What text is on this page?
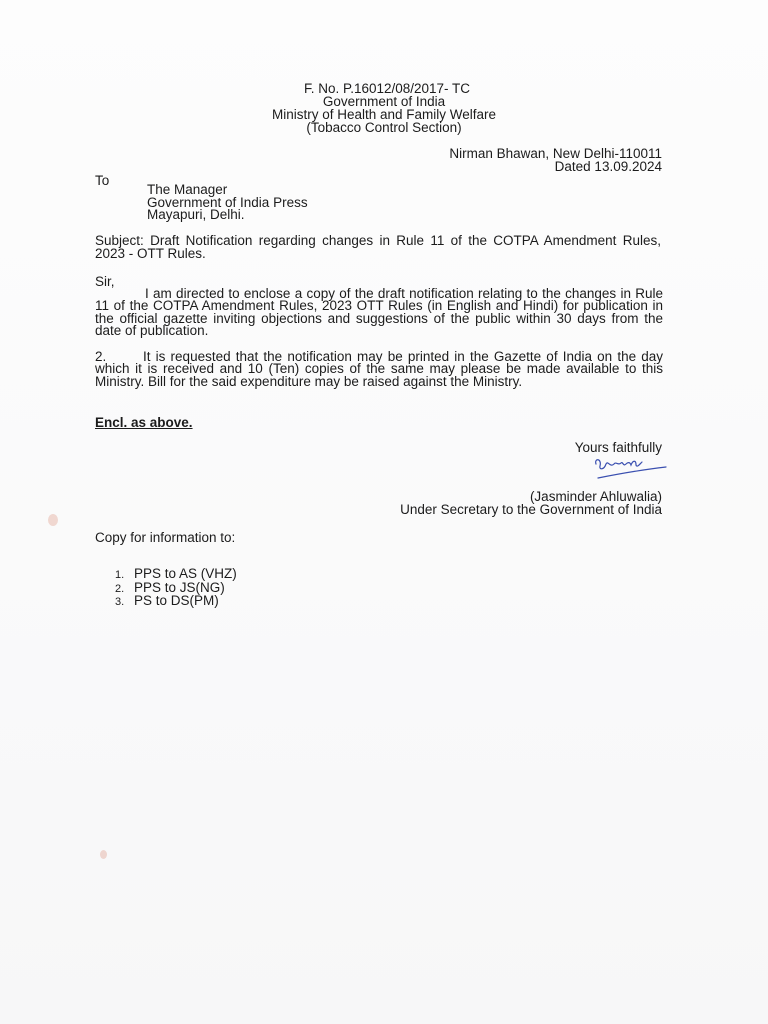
F. No. P.16012/08/2017- TC
Government of India
Ministry of Health and Family Welfare
(Tobacco Control Section)
Nirman Bhawan, New Delhi-110011
Dated 13.09.2024
To
The Manager
Government of India Press
Mayapuri, Delhi.
Subject: Draft Notification regarding changes in Rule 11 of the COTPA Amendment Rules, 2023 - OTT Rules.
Sir,
I am directed to enclose a copy of the draft notification relating to the changes in Rule 11 of the COTPA Amendment Rules, 2023 OTT Rules (in English and Hindi) for publication in the official gazette inviting objections and suggestions of the public within 30 days from the date of publication.
2.	It is requested that the notification may be printed in the Gazette of India on the day which it is received and 10 (Ten) copies of the same may please be made available to this Ministry. Bill for the said expenditure may be raised against the Ministry.
Encl. as above.
Yours faithfully
(Jasminder Ahluwalia)
Under Secretary to the Government of India
Copy for information to:
1. PPS to AS (VHZ)
2. PPS to JS(NG)
3. PS to DS(PM)
